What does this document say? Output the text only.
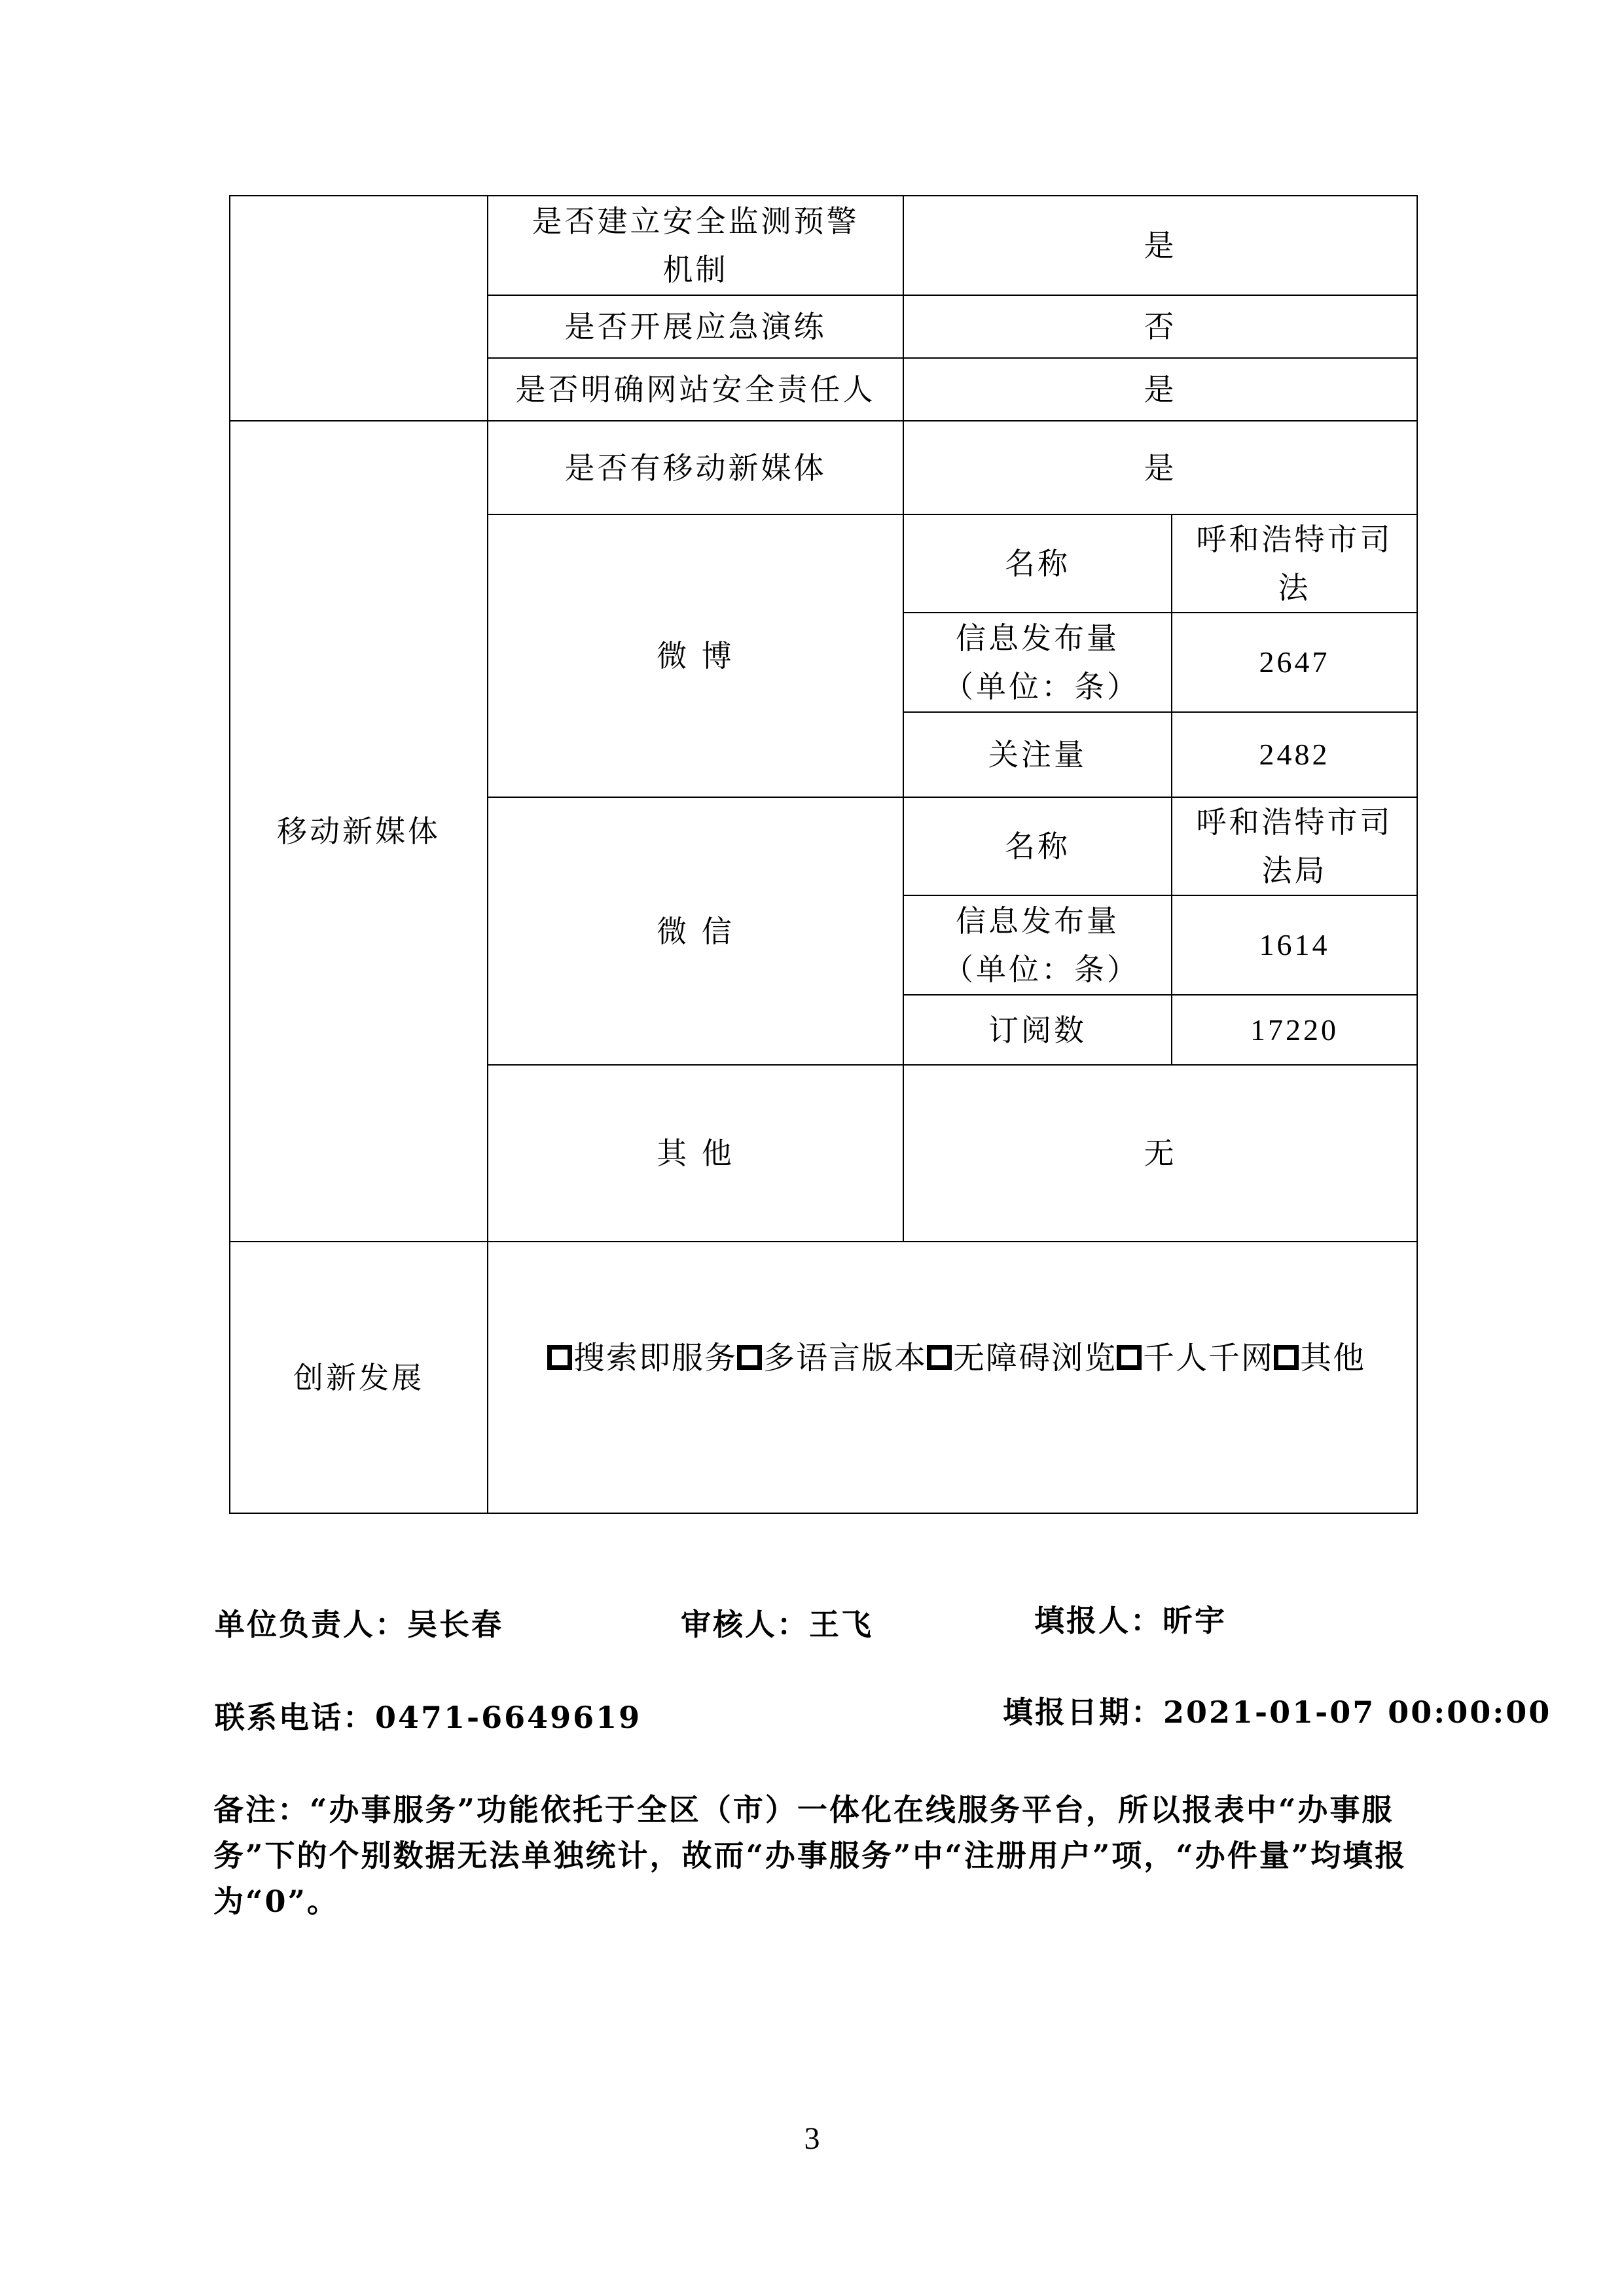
	是否建立安全监测预警机制	是	
	是否开展应急演练	否	
	是否明确网站安全责任人	是	
移动新媒体	是否有移动新媒体	是	
	微 博	名称	呼和浩特市司法
		信息发布量（单位：条）	2647
		关注量	2482
	微 信	名称	呼和浩特市司法局
		信息发布量（单位：条）	1614
		订阅数	17220
	其 他	无	
创新发展	搜索即服务 多语言版本 无障碍浏览 千人千网 其他		
单位负责人：吴长春	审核人：王飞	填报人：昕宇
联系电话：0471-6649619	填报日期：2021-01-07 00:00:00
备注：“办事服务”功能依托于全区（市）一体化在线服务平台，所以报表中“办事服务”下的个别数据无法单独统计，故而“办事服务”中“注册用户”项，“办件量”均填报为“0”。
3
